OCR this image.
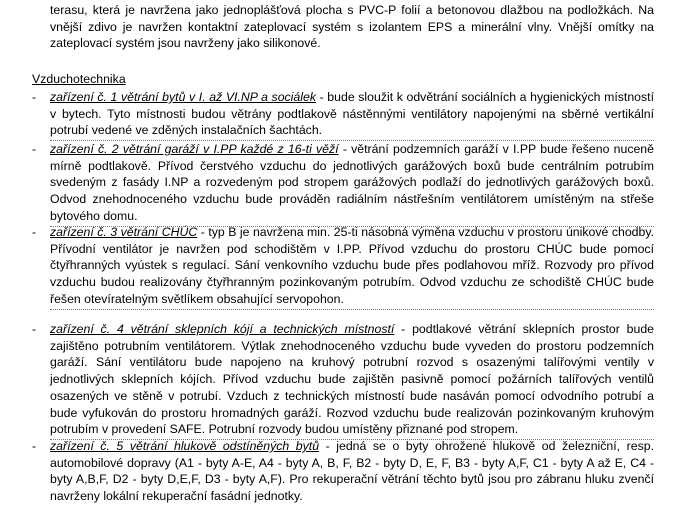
terasu, která je navržena jako jednoplášťová plocha s PVC-P folií a betonovou dlažbou na podložkách. Na vnější zdivo je navržen kontaktní zateplovací systém s izolantem EPS a minerální vlny. Vnější omítky na zateplovací systém jsou navrženy jako silikonové.

Vzduchotechnika

-	zařízení č. 1 větrání bytů v I. až VI.NP a sociálek - bude sloužit k odvětrání sociálních a hygienických místností v bytech. Tyto místnosti budou větrány podtlakově nástěnnými ventilátory napojenými na sběrné vertikální potrubí vedené ve zděných instalačních šachtách.
-	zařízení č. 2 větrání garáží v I.PP každé z 16-ti věží - větrání podzemních garáží v I.PP bude řešeno nuceně mírně podtlakově. Přívod čerstvého vzduchu do jednotlivých garážových boxů bude centrálním potrubím svedeným z fasády I.NP a rozvedeným pod stropem garážových podlaží do jednotlivých garážových boxů. Odvod znehodnoceného vzduchu bude prováděn radiálním nástřešním ventilátorem umístěným na střeše bytového domu.
-	zařízení č. 3 větrání CHÚC - typ B je navržena min. 25-ti násobná výměna vzduchu v prostoru únikové chodby. Přívodní ventilátor je navržen pod schodištěm v I.PP. Přívod vzduchu do prostoru CHÚC bude pomocí čtyřhranných vyústek s regulací. Sání venkovního vzduchu bude přes podlahovou mříž. Rozvody pro přívod vzduchu budou realizovány čtyřhranným pozinkovaným potrubím. Odvod vzduchu ze schodiště CHÚC bude řešen otevíratelným světlíkem obsahující servopohon.
-	zařízení č. 4 větrání sklepních kójí a technických místností - podtlakové větrání sklepních prostor bude zajištěno potrubním ventilátorem. Výtlak znehodnoceného vzduchu bude vyveden do prostoru podzemních garáží. Sání ventilátoru bude napojeno na kruhový potrubní rozvod s osazenými talířovými ventily v jednotlivých sklepních kójích. Přívod vzduchu bude zajištěn pasivně pomocí požárních talířových ventilů osazených ve stěně v potrubí. Vzduch z technických místností bude nasáván pomocí odvodního potrubí a bude vyfukován do prostoru hromadných garáží. Rozvod vzduchu bude realizován pozinkovaným kruhovým potrubím v provedení SAFE. Potrubní rozvody budou umístěny přiznané pod stropem.
-	zařízení č. 5 větrání hlukově odstíněných bytů - jedná se o byty ohrožené hlukově od železniční, resp. automobilové dopravy (A1 - byty A-E, A4 - byty A, B, F, B2 - byty D, E, F, B3 - byty A,F, C1 - byty A až E, C4 - byty A,B,F, D2 - byty D,E,F, D3 - byty A,F). Pro rekuperační větrání těchto bytů jsou pro zábranu hluku zvenčí navrženy lokální rekuperační fasádní jednotky.
